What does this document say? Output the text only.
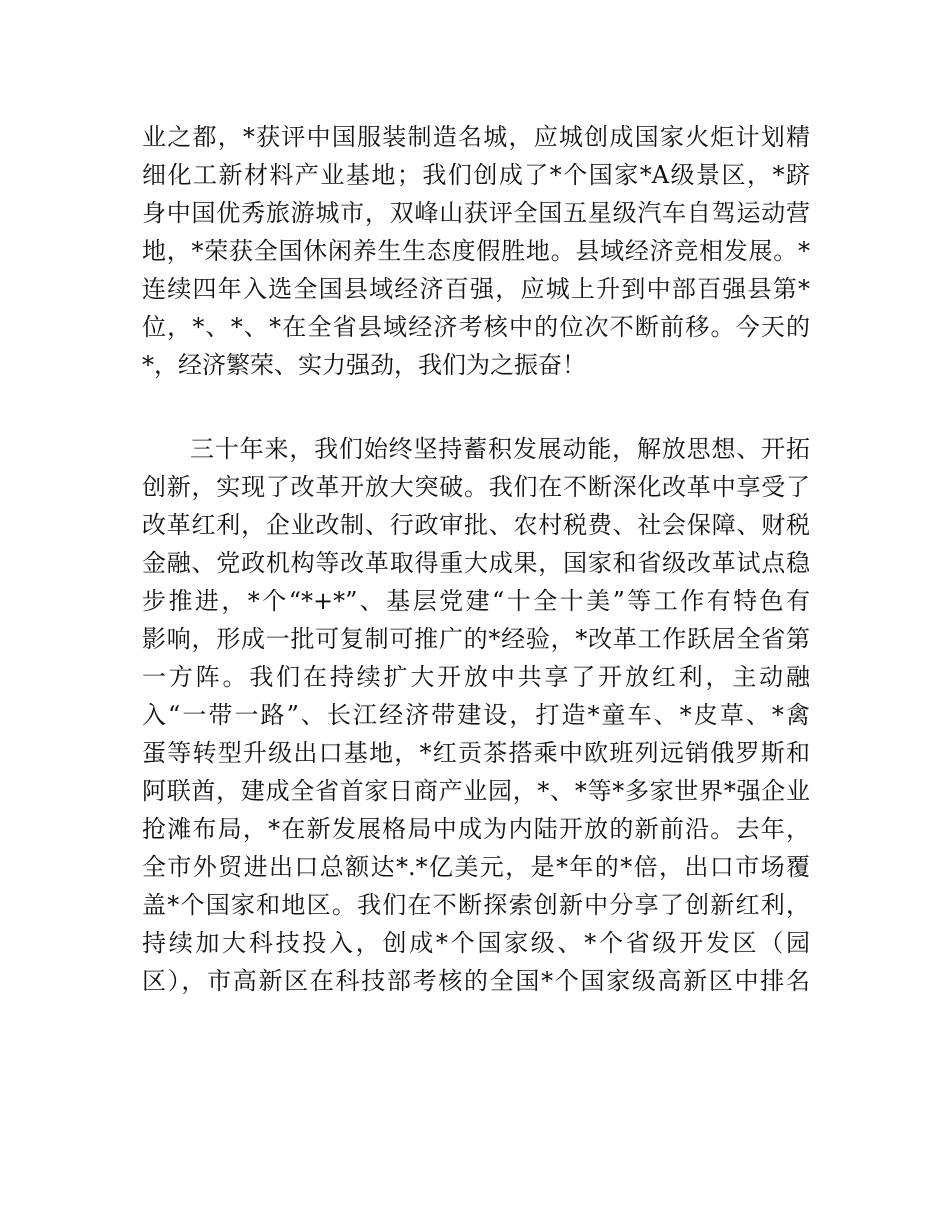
业之都，*获评中国服装制造名城，应城创成国家火炬计划精
细化工新材料产业基地；我们创成了*个国家*A级景区，*跻
身中国优秀旅游城市，双峰山获评全国五星级汽车自驾运动营
地，*荣获全国休闲养生生态度假胜地。县域经济竞相发展。*
连续四年入选全国县域经济百强，应城上升到中部百强县第*
位，*、*、*在全省县域经济考核中的位次不断前移。今天的
*，经济繁荣、实力强劲，我们为之振奋！
三十年来，我们始终坚持蓄积发展动能，解放思想、开拓
创新，实现了改革开放大突破。我们在不断深化改革中享受了
改革红利，企业改制、行政审批、农村税费、社会保障、财税
金融、党政机构等改革取得重大成果，国家和省级改革试点稳
步推进，*个“*+*”、基层党建“十全十美”等工作有特色有
影响，形成一批可复制可推广的*经验，*改革工作跃居全省第
一方阵。我们在持续扩大开放中共享了开放红利，主动融
入“一带一路”、长江经济带建设，打造*童车、*皮草、*禽
蛋等转型升级出口基地，*红贡茶搭乘中欧班列远销俄罗斯和
阿联酋，建成全省首家日商产业园，*、*等*多家世界*强企业
抢滩布局，*在新发展格局中成为内陆开放的新前沿。去年，
全市外贸进出口总额达*.*亿美元，是*年的*倍，出口市场覆
盖*个国家和地区。我们在不断探索创新中分享了创新红利，
持续加大科技投入，创成*个国家级、*个省级开发区（园
区），市高新区在科技部考核的全国*个国家级高新区中排名
